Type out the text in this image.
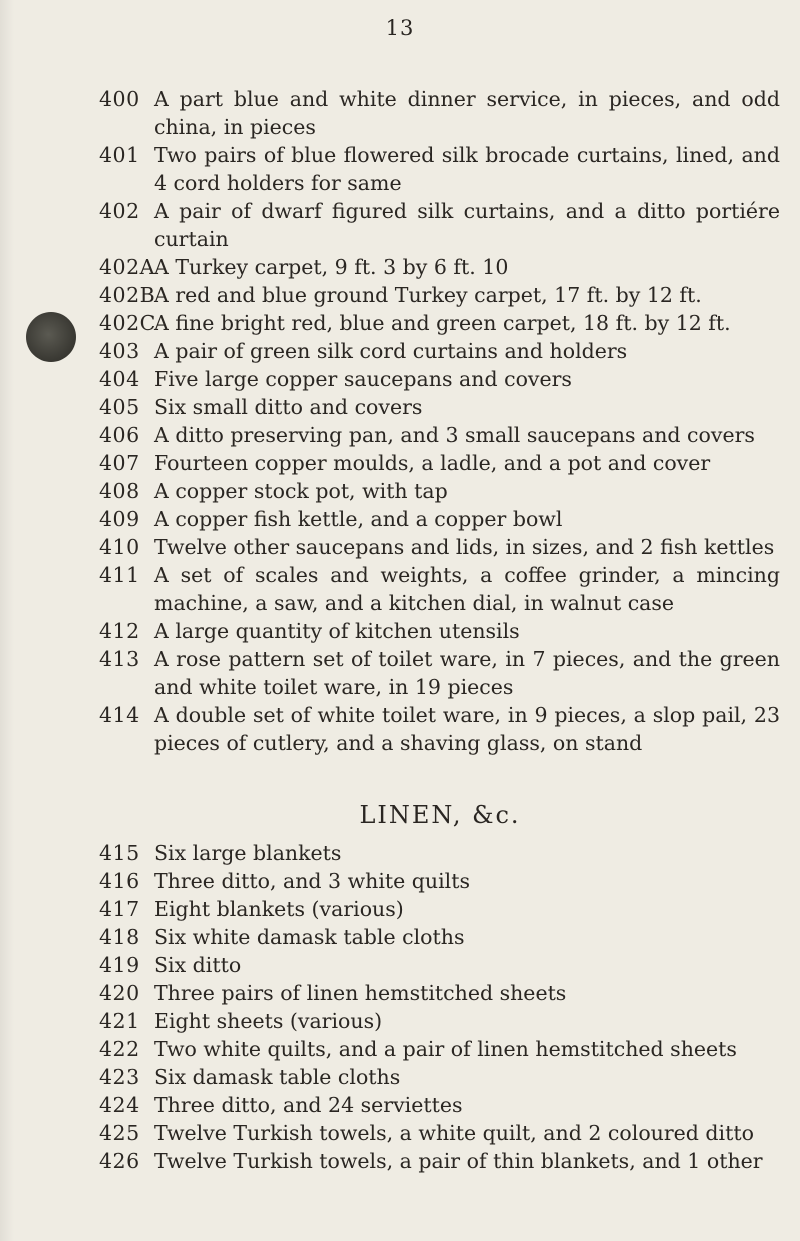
13
400 A part blue and white dinner service, in pieces, and odd china, in pieces
401 Two pairs of blue flowered silk brocade curtains, lined, and 4 cord holders for same
402 A pair of dwarf figured silk curtains, and a ditto portiére curtain
402A A Turkey carpet, 9 ft. 3 by 6 ft. 10
402B
A red and blue ground Turkey carpet, 17 ft. by 12 ft.
402C
A fine bright red, blue and green carpet, 18 ft. by 12 ft.
403 A pair of green silk cord curtains and holders
404 Five large copper saucepans and covers
405 Six small ditto and covers
406 A ditto preserving pan, and 3 small saucepans and covers
407 Fourteen copper moulds, a ladle, and a pot and cover
408 A copper stock pot, with tap
409 A copper fish kettle, and a copper bowl
410 Twelve other saucepans and lids, in sizes, and 2 fish kettles
411 A set of scales and weights, a coffee grinder, a mincing machine, a saw, and a kitchen dial, in walnut case
412 A large quantity of kitchen utensils
413 A rose pattern set of toilet ware, in 7 pieces, and the green and white toilet ware, in 19 pieces
414 A double set of white toilet ware, in 9 pieces, a slop pail, 23 pieces of cutlery, and a shaving glass, on stand
LINEN, &c.
415 Six large blankets
416 Three ditto, and 3 white quilts
417 Eight blankets (various)
418 Six white damask table cloths
419 Six ditto
420 Three pairs of linen hemstitched sheets
421 Eight sheets (various)
422 Two white quilts, and a pair of linen hemstitched sheets
423 Six damask table cloths
424 Three ditto, and 24 serviettes
425 Twelve Turkish towels, a white quilt, and 2 coloured ditto
426 Twelve Turkish towels, a pair of thin blankets, and 1 other
